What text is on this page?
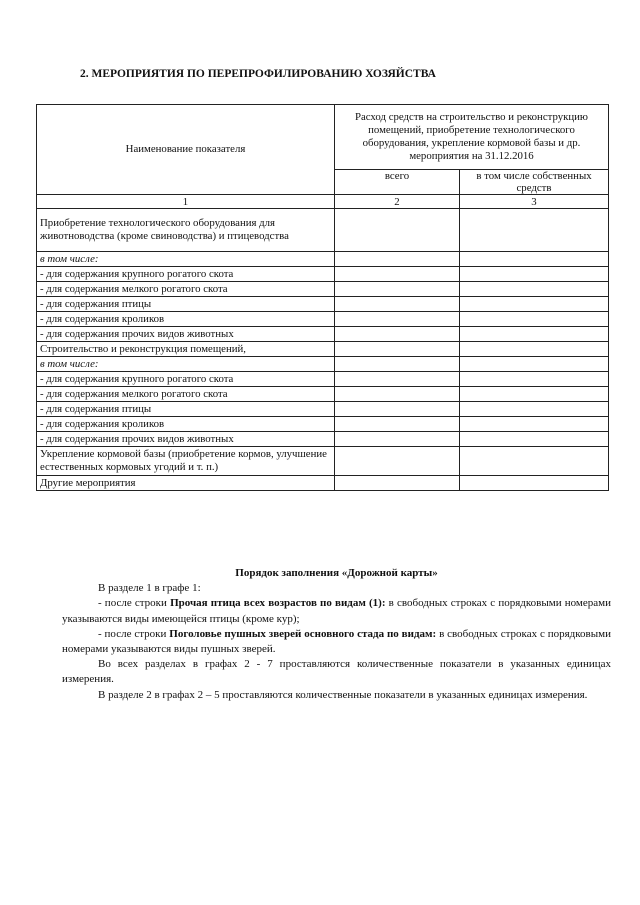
2. МЕРОПРИЯТИЯ ПО ПЕРЕПРОФИЛИРОВАНИЮ ХОЗЯЙСТВА
Наименование показателя	Расход средств на строительство и реконструкцию помещений, приобретение технологического оборудования, укрепление кормовой базы и др. мероприятия на 31.12.2016	
	всего	в том числе собственных средств
1	2	3
Приобретение технологического оборудования для животноводства (кроме свиноводства) и птицеводства		
в том числе:		
- для содержания крупного рогатого скота		
- для содержания мелкого рогатого скота		
- для содержания птицы		
- для содержания кроликов		
- для содержания прочих видов животных		
Строительство и реконструкция помещений,		
в том числе:		
- для содержания крупного рогатого скота		
- для содержания мелкого рогатого скота		
- для содержания птицы		
- для содержания кроликов		
- для содержания прочих видов животных		
Укрепление кормовой базы (приобретение кормов, улучшение естественных кормовых угодий и т. п.)		
Другие мероприятия		
Порядок заполнения «Дорожной карты»

В разделе 1 в графе 1:

- после строки Прочая птица всех возрастов по видам (1): в свободных строках с порядковыми номерами указываются виды имеющейся птицы (кроме кур);

- после строки Поголовье пушных зверей основного стада по видам: в свободных строках с порядковыми номерами указываются виды пушных зверей.

Во всех разделах в графах 2 - 7 проставляются количественные показатели в указанных единицах измерения.

В разделе 2 в графах 2 – 5 проставляются количественные показатели в указанных единицах измерения.
